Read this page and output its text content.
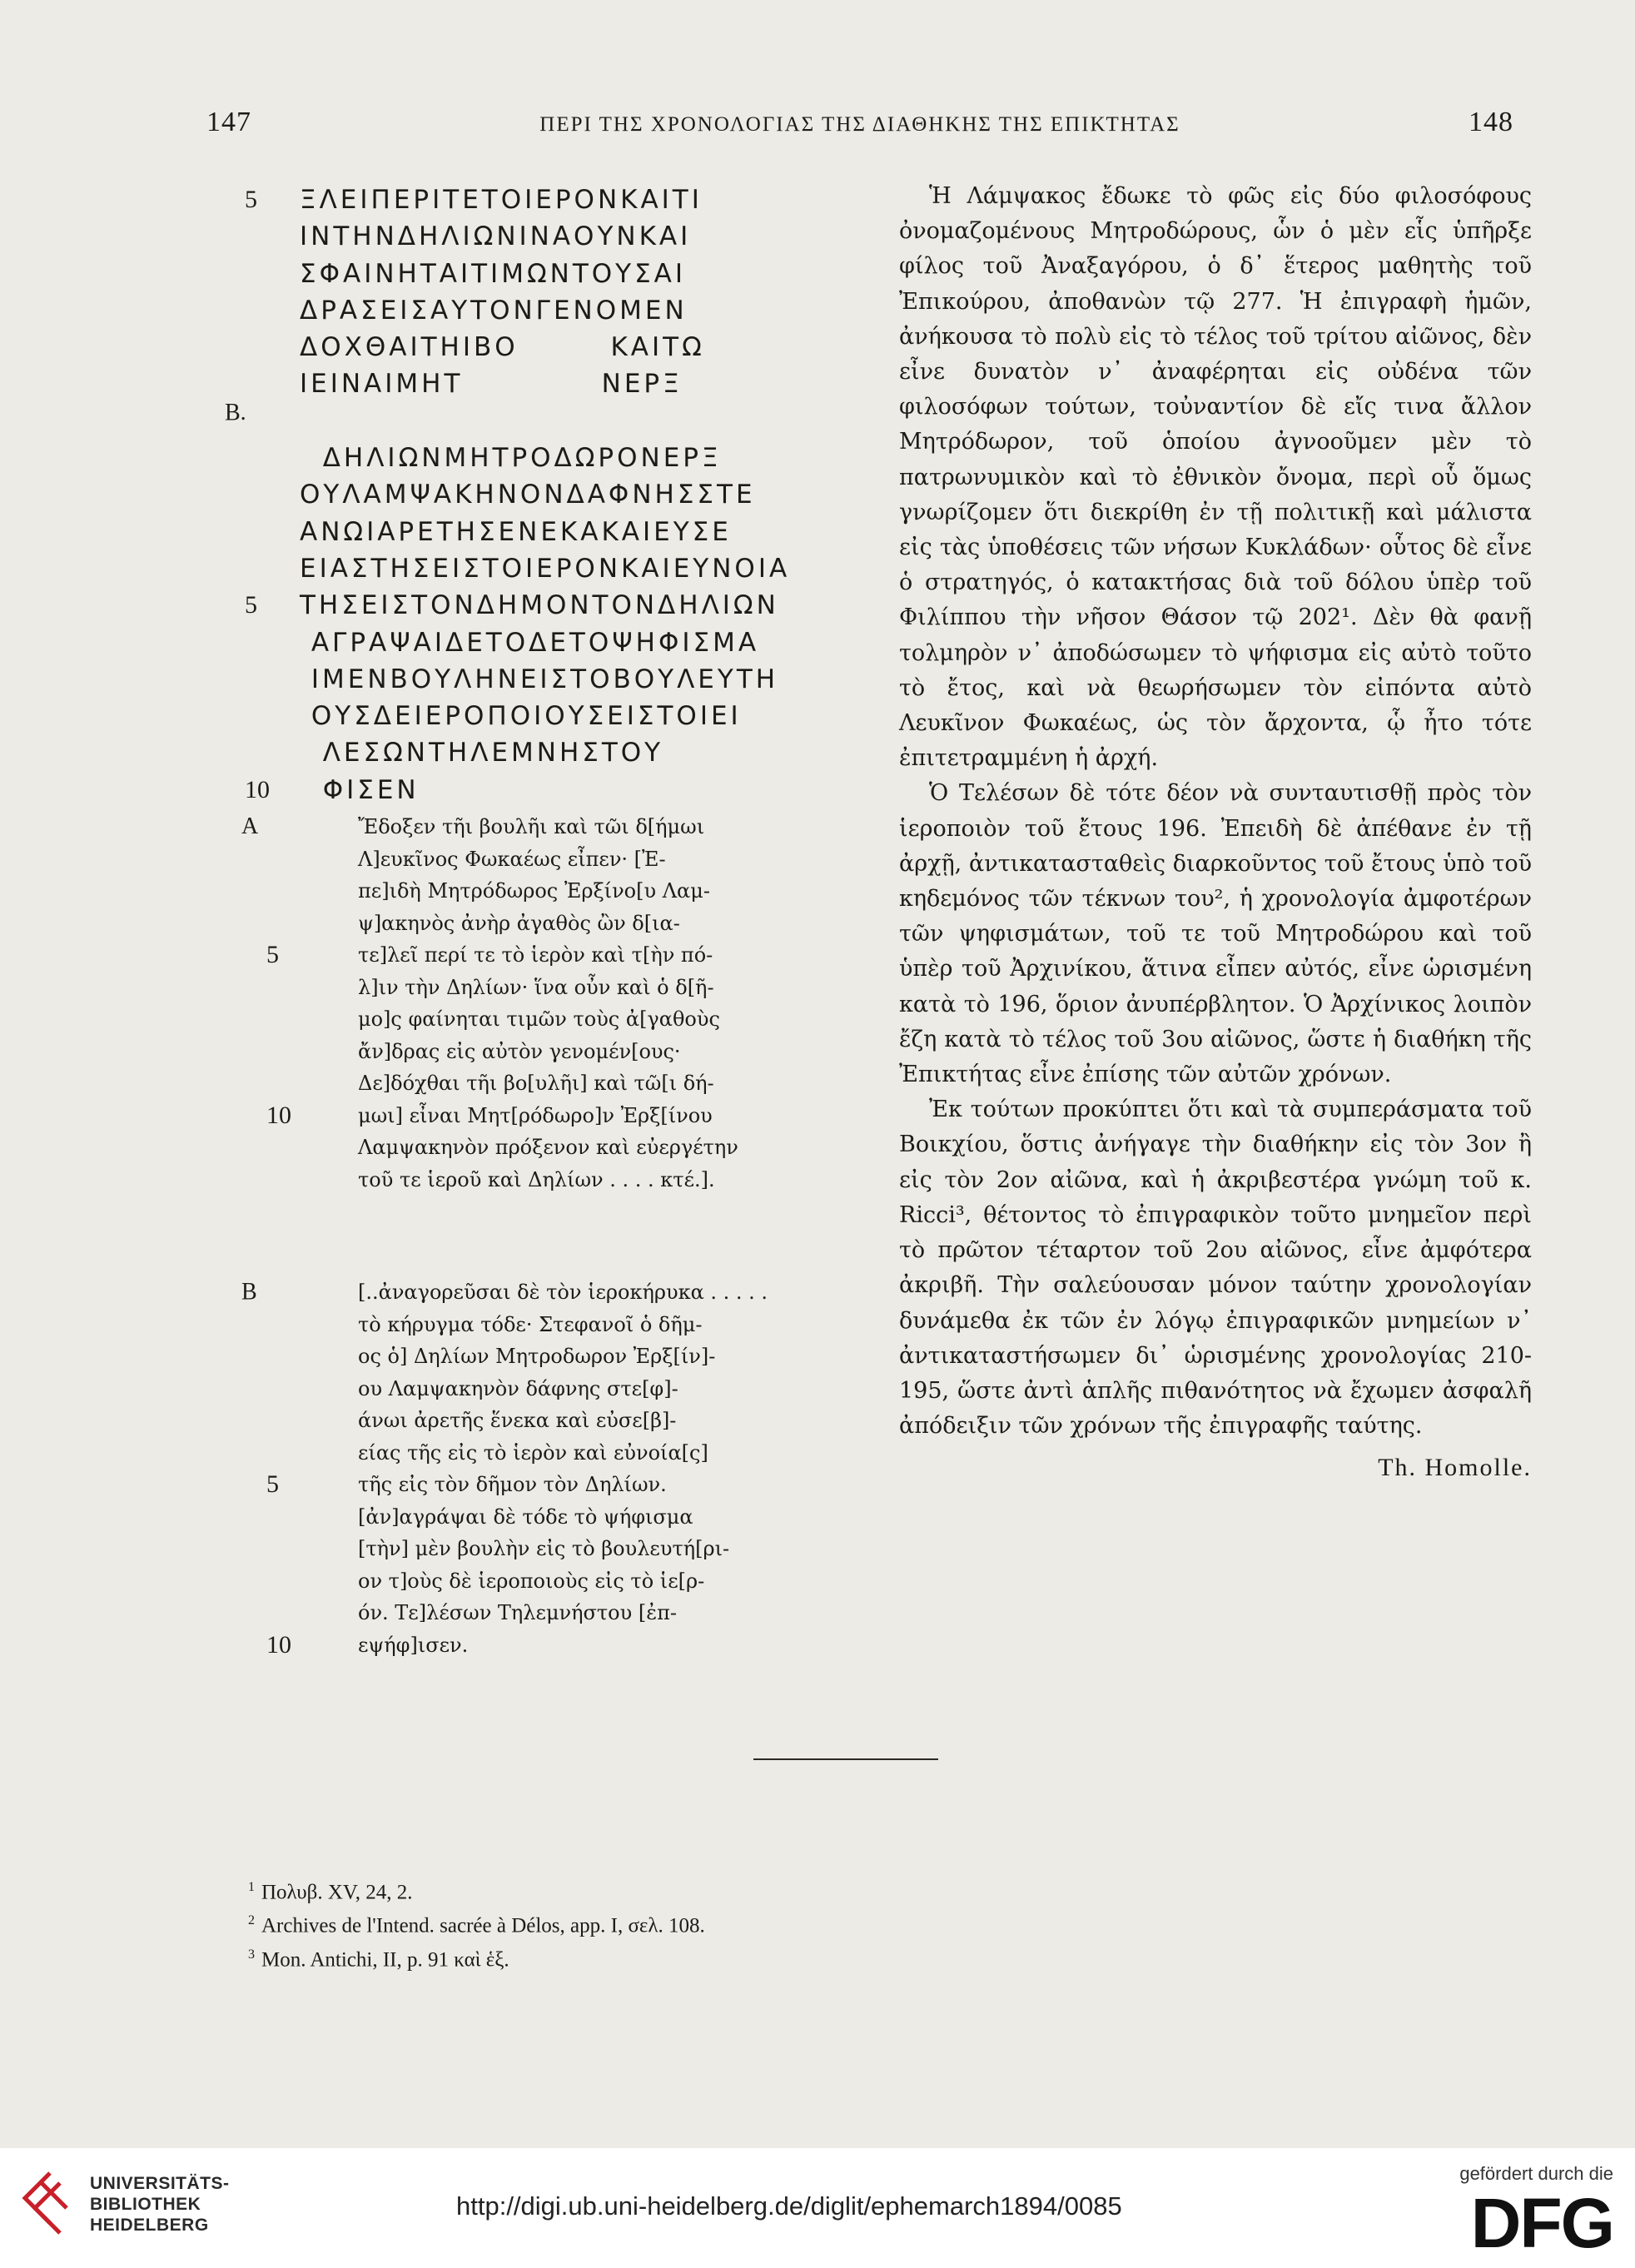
147	ΠΕΡΙ ΤΗΣ ΧΡΟΝΟΛΟΓΙΑΣ ΤΗΣ ΔΙΑΘΗΚΗΣ ΤΗΣ ΕΠΙΚΤΗΤΑΣ	148
5	ΞΛΕΙΠΕΡΙΤΕΤΟΙΕΡΟΝΚΑΙΤΙ
ΙΝΤΗΝΔΗΛΙΩΝΙΝΑΟΥΝΚΑΙ
ΣΦΑΙΝΗΤΑΙΤΙΜΩΝΤΟΥΣΑΙ
ΔΡΑΣΕΙΣΑΥΤΟΝΓΕΝΟΜΕΝ
ΔΟΧΘΑΙΤΗΙΒΟ        ΚΑΙΤΩ
ΙΕΙΝΑΙΜΗΤ            ΝΕΡΞ
ΔΗΛΙΩΝΜΗΤΡΟΔΩΡΟΝΕΡΞ
ΟΥΛΑΜΨΑΚΗΝΟΝΔΑΦΝΗΣΣΤΕ
ΑΝΩΙΑΡΕΤΗΣΕΝΕΚΑΚΑΙΕΥΣΕ
ΕΙΑΣΤΗΣΕΙΣΤΟΙΕΡΟΝΚΑΙΕΥΝΟΙΑ
5	ΤΗΣΕΙΣΤΟΝΔΗΜΟΝΤΟΝΔΗΛΙΩΝ
ΑΓΡΑΨΑΙΔΕΤΟΔΕΤΟΨΗΦΙΣΜΑ
ΙΜΕΝΒΟΥΛΗΝΕΙΣΤΟΒΟΥΛΕΥΤΗ
ΟΥΣΔΕΙΕΡΟΠΟΙΟΥΣΕΙΣΤΟΙΕΙ
ΛΕΣΩΝΤΗΛΕΜΝΗΣΤΟΥ
10	ΦΙΣΕΝ
Β.
Α	Ἔδοξεν τῆι βουλῆι καὶ τῶι δ[ήμωι
Λ]ευκῖνος Φωκαέως εἶπεν· [Ἐ-
πε]ιδὴ Μητρόδωρος Ἐρξίνο[υ Λαμ-
ψ]ακηνὸς ἀνὴρ ἀγαθὸς ὢν δ[ια-
5	τε]λεῖ περί τε τὸ ἱερὸν καὶ τ[ὴν πό-
λ]ιν τὴν Δηλίων· ἵνα οὖν καὶ ὁ δ[ῆ-
μο]ς φαίνηται τιμῶν τοὺς ἀ[γαθοὺς
ἄν]δρας εἰς αὐτὸν γενομέν[ους·
Δε]δόχθαι τῆι βο[υλῆι] καὶ τῶ[ι δή-
10	μωι] εἶναι Μητ[ρόδωρο]ν Ἐρξ[ίνου
Λαμψακηνὸν πρόξενον καὶ εὐεργέτην
τοῦ τε ἱεροῦ καὶ Δηλίων . . . . κτέ.].
Β	[..ἀναγορεῦσαι δὲ τὸν ἱεροκήρυκα . . . . .
τὸ κήρυγμα τόδε· Στεφανοῖ ὁ δῆμ-
ος ὁ] Δηλίων Μητροδωρον Ἐρξ[ίν]-
ου Λαμψακηνὸν δάφνης στε[φ]-
άνωι ἀρετῆς ἕνεκα καὶ εὐσε[β]-
είας τῆς εἰς τὸ ἱερὸν καὶ εὐνοία[ς]
5	τῆς εἰς τὸν δῆμον τὸν Δηλίων.
[ἀν]αγράψαι δὲ τόδε τὸ ψήφισμα
[τὴν] μὲν βουλὴν εἰς τὸ βουλευτή[ρι-
ον τ]οὺς δὲ ἱεροποιοὺς εἰς τὸ ἱε[ρ-
όν. Τε]λέσων Τηλεμνήστου [ἐπ-
10	εψήφ]ισεν.

Ἡ Λάμψακος ἔδωκε τὸ φῶς εἰς δύο φιλοσόφους ὀνομαζομένους Μητροδώρους, ὧν ὁ μὲν εἷς ὑπῆρξε φίλος τοῦ Ἀναξαγόρου, ὁ δ᾽ ἕτερος μαθητὴς τοῦ Ἐπικούρου, ἀποθανὼν τῷ 277. Ἡ ἐπιγραφὴ ἡμῶν, ἀνήκουσα τὸ πολὺ εἰς τὸ τέλος τοῦ τρίτου αἰῶνος, δὲν εἶνε δυνατὸν ν᾽ ἀναφέρηται εἰς οὐδένα τῶν φιλοσόφων τούτων, τοὐναντίον δὲ εἴς τινα ἄλλον Μητρόδωρον, τοῦ ὁποίου ἀγνοοῦμεν μὲν τὸ πατρωνυμικὸν καὶ τὸ ἐθνικὸν ὄνομα, περὶ οὗ ὅμως γνωρίζομεν ὅτι διεκρίθη ἐν τῇ πολιτικῇ καὶ μάλιστα εἰς τὰς ὑποθέσεις τῶν νήσων Κυκλάδων· οὗτος δὲ εἶνε ὁ στρατηγός, ὁ κατακτήσας διὰ τοῦ δόλου ὑπὲρ τοῦ Φιλίππου τὴν νῆσον Θάσον τῷ 202¹. Δὲν θὰ φανῇ τολμηρὸν ν᾽ ἀποδώσωμεν τὸ ψήφισμα εἰς αὐτὸ τοῦτο τὸ ἔτος, καὶ νὰ θεωρήσωμεν τὸν εἰπόντα αὐτὸ Λευκῖνον Φωκαέως, ὡς τὸν ἄρχοντα, ᾧ ἦτο τότε ἐπιτετραμμένη ἡ ἀρχή.

Ὁ Τελέσων δὲ τότε δέον νὰ συνταυτισθῇ πρὸς τὸν ἱεροποιὸν τοῦ ἔτους 196. Ἐπειδὴ δὲ ἀπέθανε ἐν τῇ ἀρχῇ, ἀντικατασταθεὶς διαρκοῦντος τοῦ ἔτους ὑπὸ τοῦ κηδεμόνος τῶν τέκνων του², ἡ χρονολογία ἀμφοτέρων τῶν ψηφισμάτων, τοῦ τε τοῦ Μητροδώρου καὶ τοῦ ὑπὲρ τοῦ Ἀρχινίκου, ἅτινα εἶπεν αὐτός, εἶνε ὡρισμένη κατὰ τὸ 196, ὅριον ἀνυπέρβλητον. Ὁ Ἀρχίνικος λοιπὸν ἔζη κατὰ τὸ τέλος τοῦ 3ου αἰῶνος, ὥστε ἡ διαθήκη τῆς Ἐπικτήτας εἶνε ἐπίσης τῶν αὐτῶν χρόνων.

Ἐκ τούτων προκύπτει ὅτι καὶ τὰ συμπεράσματα τοῦ Βοικχίου, ὅστις ἀνήγαγε τὴν διαθήκην εἰς τὸν 3ον ἢ εἰς τὸν 2ον αἰῶνα, καὶ ἡ ἀκριβεστέρα γνώμη τοῦ κ. Ricci³, θέτοντος τὸ ἐπιγραφικὸν τοῦτο μνημεῖον περὶ τὸ πρῶτον τέταρτον τοῦ 2ου αἰῶνος, εἶνε ἀμφότερα ἀκριβῆ. Τὴν σαλεύουσαν μόνον ταύτην χρονολογίαν δυνάμεθα ἐκ τῶν ἐν λόγῳ ἐπιγραφικῶν μνημείων ν᾽ ἀντικαταστήσωμεν δι᾽ ὡρισμένης χρονολογίας 210-195, ὥστε ἀντὶ ἁπλῆς πιθανότητος νὰ ἔχωμεν ἀσφαλῆ ἀπόδειξιν τῶν χρόνων τῆς ἐπιγραφῆς ταύτης.

Th. Homolle.
$^1$ Πολυβ. XV, 24, 2.
$^2$ Archives de l'Intend. sacrée à Délos, app. I, σελ. 108.
$^3$ Mon. Antichi, II, p. 91 καὶ ἑξ.
UNIVERSITÄTS-
BIBLIOTHEK
HEIDELBERG
http://digi.ub.uni-heidelberg.de/diglit/ephemarch1894/0085
gefördert durch die
DFG
